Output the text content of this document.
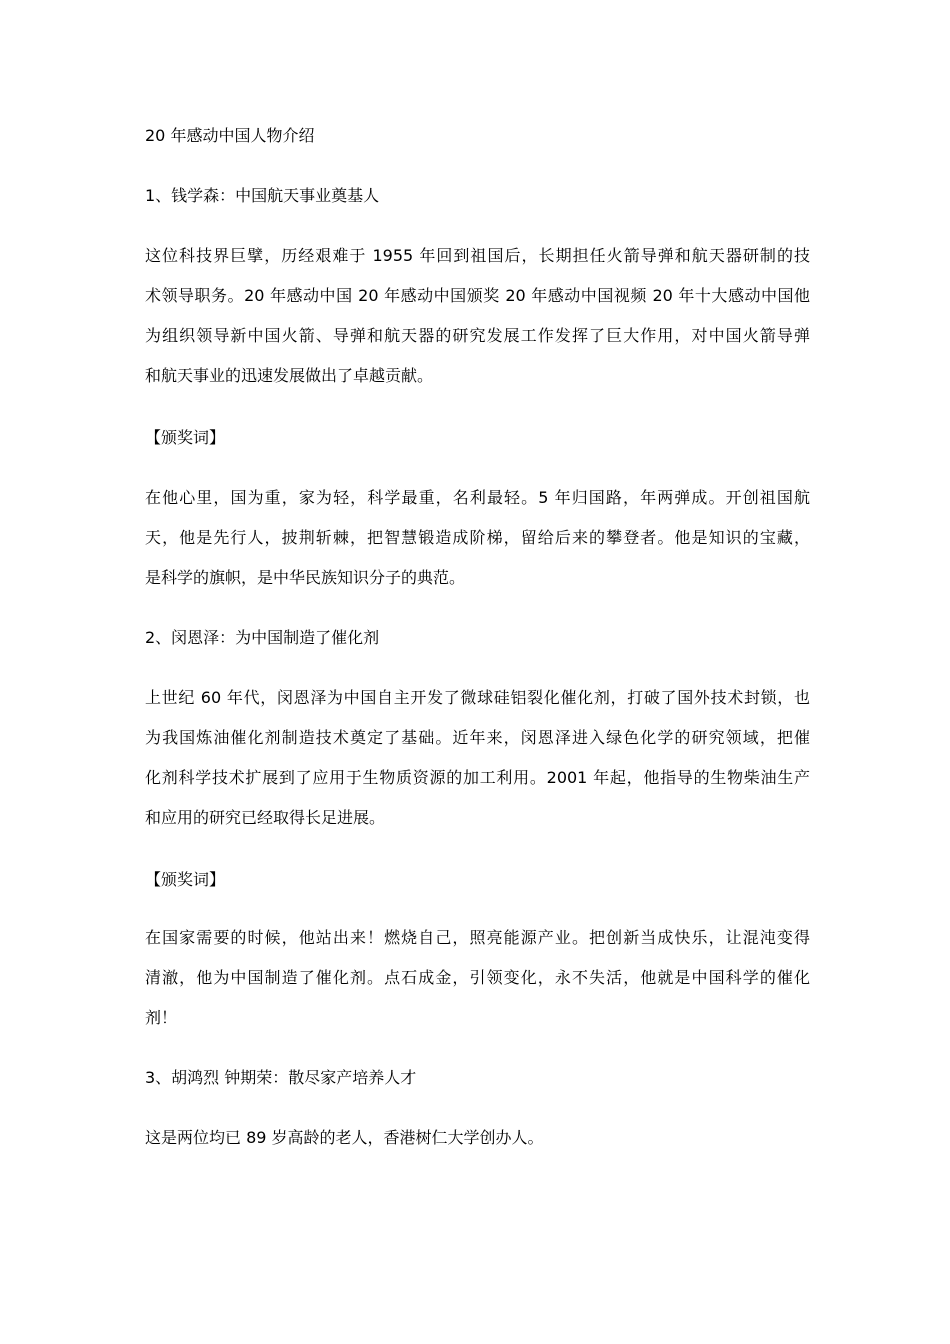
20 年感动中国人物介绍
1、钱学森：中国航天事业奠基人
这位科技界巨擘，历经艰难于 1955 年回到祖国后，长期担任火箭导弹和航天器研制的技
术领导职务。20 年感动中国 20 年感动中国颁奖 20 年感动中国视频 20 年十大感动中国他
为组织领导新中国火箭、导弹和航天器的研究发展工作发挥了巨大作用，对中国火箭导弹
和航天事业的迅速发展做出了卓越贡献。
【颁奖词】
在他心里，国为重，家为轻，科学最重，名利最轻。5 年归国路，年两弹成。开创祖国航
天，他是先行人，披荆斩棘，把智慧锻造成阶梯，留给后来的攀登者。他是知识的宝藏，
是科学的旗帜，是中华民族知识分子的典范。
2、闵恩泽：为中国制造了催化剂
上世纪 60 年代，闵恩泽为中国自主开发了微球硅铝裂化催化剂，打破了国外技术封锁，也
为我国炼油催化剂制造技术奠定了基础。近年来，闵恩泽进入绿色化学的研究领域，把催
化剂科学技术扩展到了应用于生物质资源的加工利用。2001 年起，他指导的生物柴油生产
和应用的研究已经取得长足进展。
【颁奖词】
在国家需要的时候，他站出来！燃烧自己，照亮能源产业。把创新当成快乐，让混沌变得
清澈，他为中国制造了催化剂。点石成金，引领变化，永不失活，他就是中国科学的催化
剂！
3、胡鸿烈 钟期荣：散尽家产培养人才
这是两位均已 89 岁高龄的老人，香港树仁大学创办人。
